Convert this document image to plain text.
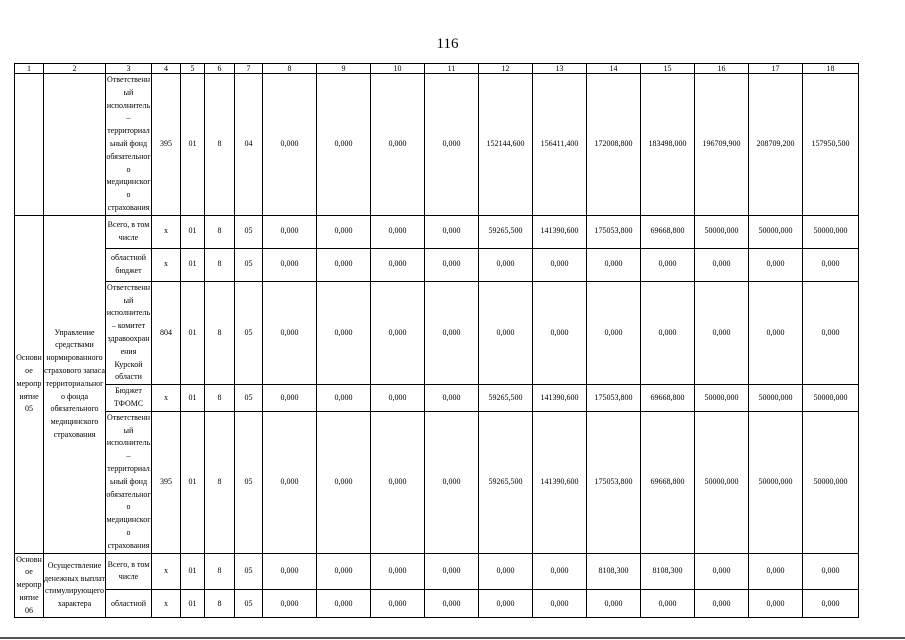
116
1	2	3	4	5	6	7	8	9	10	11	12	13	14	15	16	17	18
		Ответственный исполнитель– территориальный фонд обязательного медицинского страхования	395	01	8	04	0,000	0,000	0,000	0,000	152144,600	156411,400	172008,800	183498,000	196709,900	208709,200	157950,500
Основное мероприятие 05	Управление средствами нормированного страхового запаса территориального фонда обязательного медицинского страхования	Всего, в том числе	x	01	8	05	0,000	0,000	0,000	0,000	59265,500	141390,600	175053,800	69668,800	50000,000	50000,000	50000,000
		областной бюджет	x	01	8	05	0,000	0,000	0,000	0,000	0,000	0,000	0,000	0,000	0,000	0,000	0,000
		Ответственный исполнитель– комитет здравоохранения Курской области	804	01	8	05	0,000	0,000	0,000	0,000	0,000	0,000	0,000	0,000	0,000	0,000	0,000
		Бюджет ТФОМС	x	01	8	05	0,000	0,000	0,000	0,000	59265,500	141390,600	175053,800	69668,800	50000,000	50000,000	50000,000
		Ответственный исполнитель– территориальный фонд обязательного медицинского страхования	395	01	8	05	0,000	0,000	0,000	0,000	59265,500	141390,600	175053,800	69668,800	50000,000	50000,000	50000,000
Основное мероприятие 06	Осуществление денежных выплат стимулирующего характера	Всего, в том числе	x	01	8	05	0,000	0,000	0,000	0,000	0,000	0,000	8108,300	8108,300	0,000	0,000	0,000
		областной	x	01	8	05	0,000	0,000	0,000	0,000	0,000	0,000	0,000	0,000	0,000	0,000	0,000
